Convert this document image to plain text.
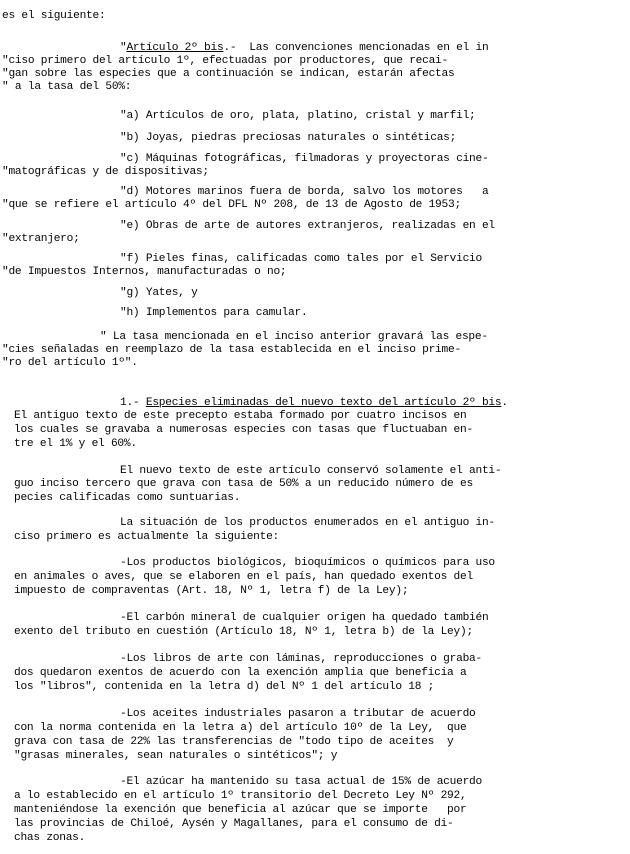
es el siguiente:
"Artículo 2º bis.-  Las convenciones mencionadas en el in
"ciso primero del artículo 1º, efectuadas por productores, que recai-
"gan sobre las especies que a continuación se indican, estarán afectas
" a la tasa del 50%:
"a) Artículos de oro, plata, platino, cristal y marfil;
"b) Joyas, piedras preciosas naturales o sintéticas;
"c) Máquinas fotográficas, filmadoras y proyectoras cine-
"matográficas y de dispositivas;
"d) Motores marinos fuera de borda, salvo los motores   a
"que se refiere el artículo 4º del DFL Nº 208, de 13 de Agosto de 1953;
"e) Obras de arte de autores extranjeros, realizadas en el
"extranjero;
"f) Pieles finas, calificadas como tales por el Servicio
"de Impuestos Internos, manufacturadas o no;
"g) Yates, y
"h) Implementos para camular.
" La tasa mencionada en el inciso anterior gravará las espe-
"cies señaladas en reemplazo de la tasa establecida en el inciso prime-
"ro del artículo 1º".
1.- Especies eliminadas del nuevo texto del artículo 2º bis.
El antiguo texto de este precepto estaba formado por cuatro incisos en
los cuales se gravaba a numerosas especies con tasas que fluctuaban en-
tre el 1% y el 60%.
El nuevo texto de este artículo conservó solamente el anti-
guo inciso tercero que grava con tasa de 50% a un reducido número de es
pecies calificadas como suntuarias.
La situación de los productos enumerados en el antiguo in-
ciso primero es actualmente la siguiente:
-Los productos biológicos, bioquímicos o químicos para uso
en animales o aves, que se elaboren en el país, han quedado exentos del
impuesto de compraventas (Art. 18, Nº 1, letra f) de la Ley);
-El carbón mineral de cualquier origen ha quedado también
exento del tributo en cuestión (Artículo 18, Nº 1, letra b) de la Ley);
-Los libros de arte con láminas, reproducciones o graba-
dos quedaron exentos de acuerdo con la exención amplia que beneficia a
los "libros", contenida en la letra d) del Nº 1 del artículo 18 ;
-Los aceites industriales pasaron a tributar de acuerdo
con la norma contenida en la letra a) del artículo 10º de la Ley,  que
grava con tasa de 22% las transferencias de "todo tipo de aceites  y
"grasas minerales, sean naturales o sintéticos"; y
-El azúcar ha mantenido su tasa actual de 15% de acuerdo
a lo establecido en el artículo 1º transitorio del Decreto Ley Nº 292,
manteniéndose la exención que beneficia al azúcar que se importe   por
las provincias de Chiloé, Aysén y Magallanes, para el consumo de di-
chas zonas.
